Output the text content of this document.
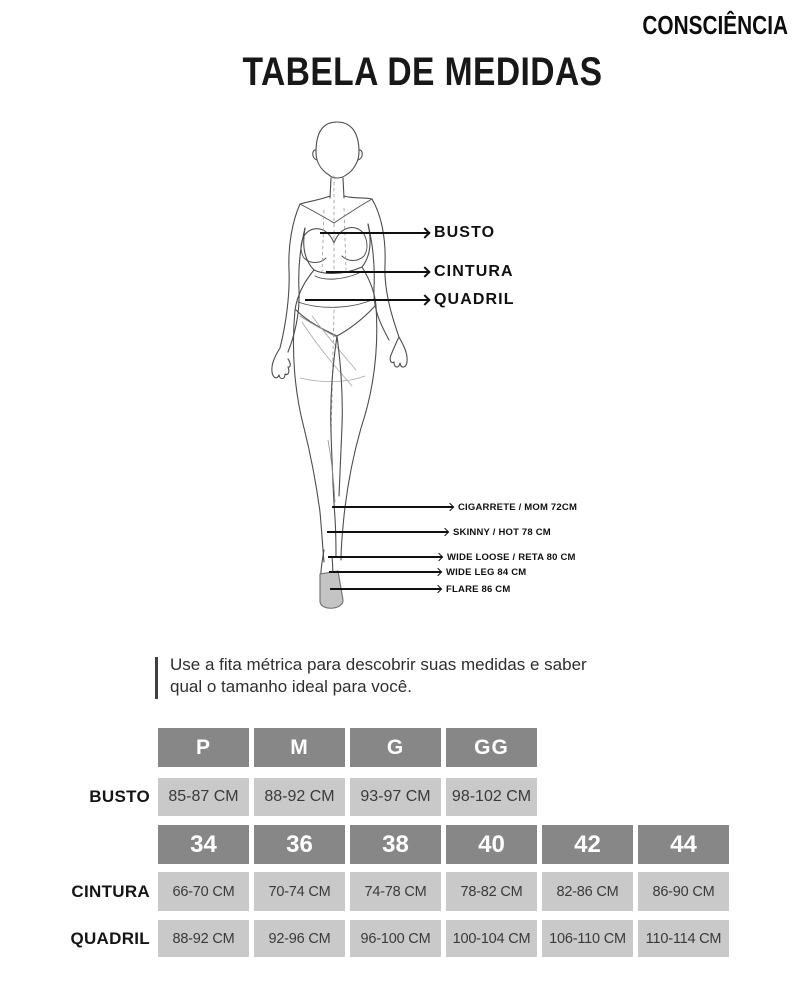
CONSCIÊNCIA
TABELA DE MEDIDAS
BUSTO
CINTURA
QUADRIL
CIGARRETE / MOM 72CM
SKINNY / HOT 78 CM
WIDE LOOSE / RETA 80 CM
WIDE LEG 84 CM
FLARE 86 CM

Use a fita métrica para descobrir suas medidas e saber qual o tamanho ideal para você.

P	M	G	GG
BUSTO	85-87 CM	88-92 CM	93-97 CM	98-102 CM
34	36	38	40	42	44
CINTURA	66-70 CM	70-74 CM	74-78 CM	78-82 CM	82-86 CM	86-90 CM
QUADRIL	88-92 CM	92-96 CM	96-100 CM	100-104 CM	106-110 CM	110-114 CM
